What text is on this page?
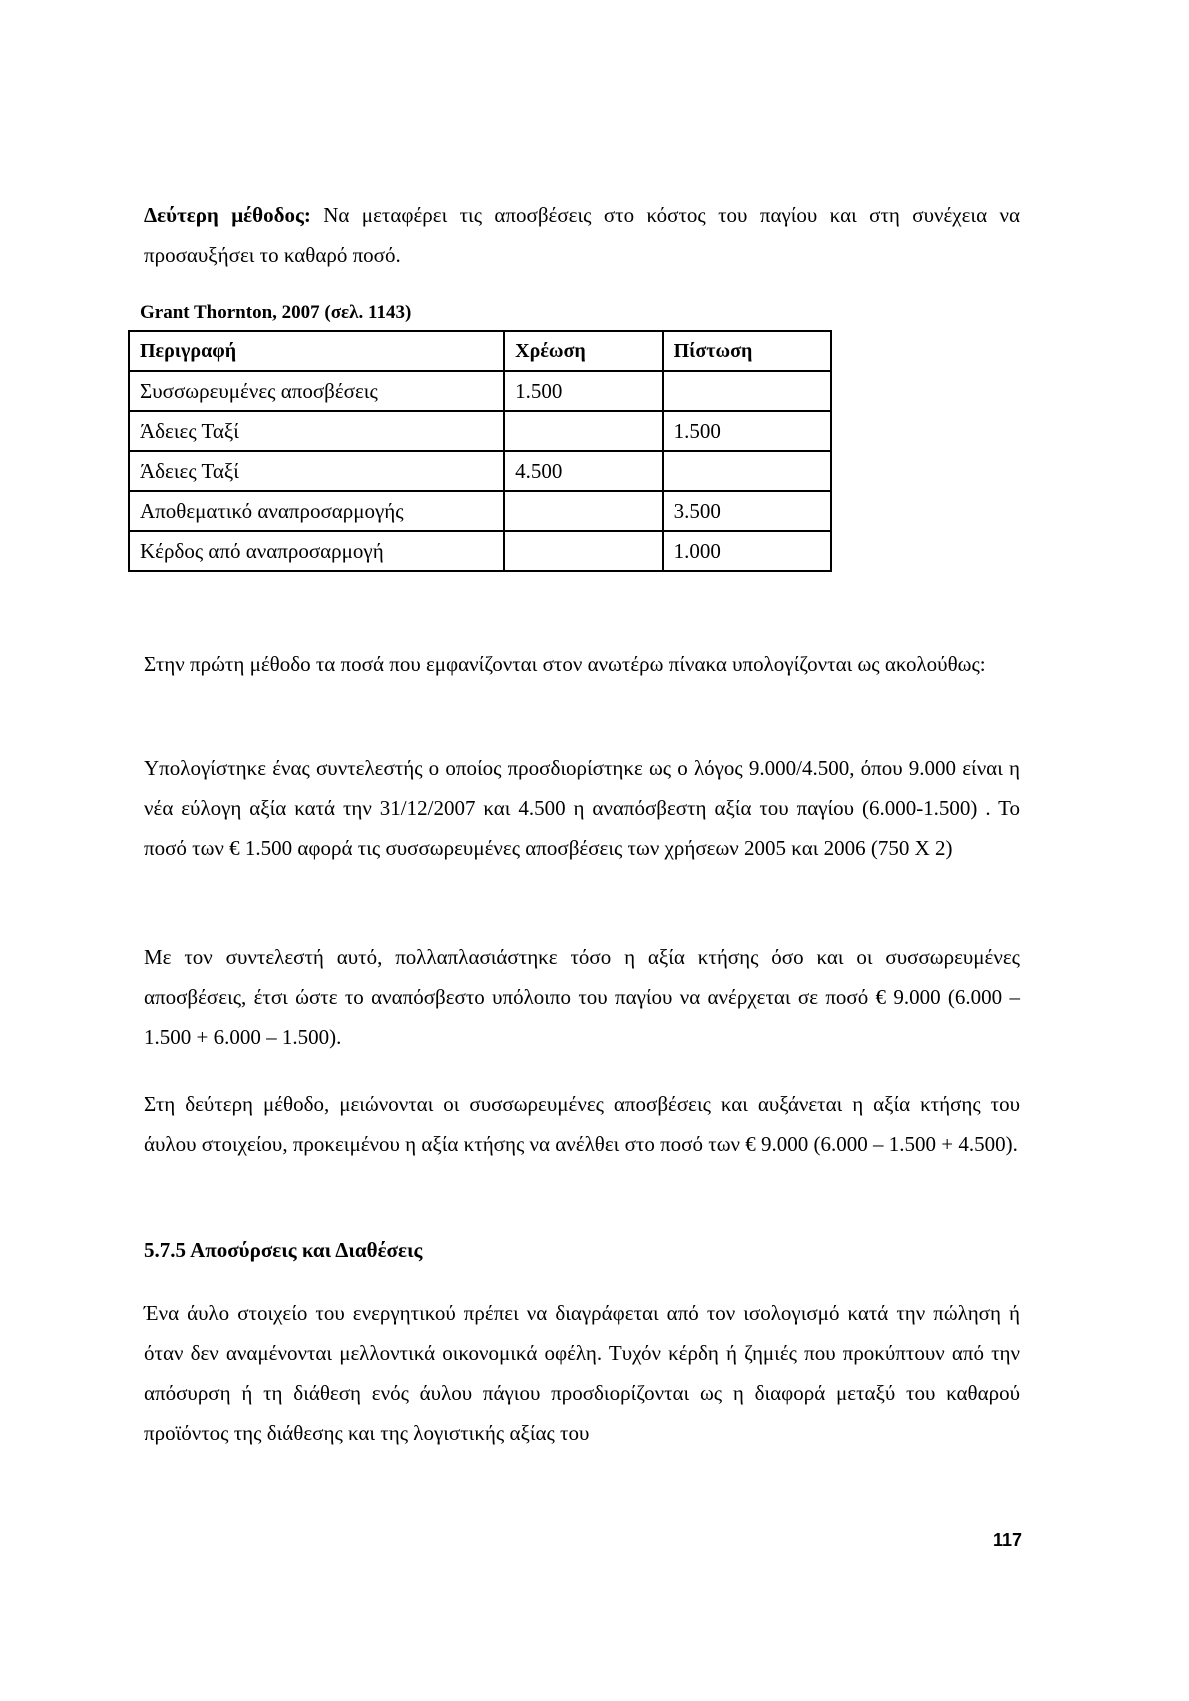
Δεύτερη μέθοδος: Να μεταφέρει τις αποσβέσεις στο κόστος του παγίου και στη συνέχεια να προσαυξήσει το καθαρό ποσό.

Grant Thornton, 2007 (σελ. 1143)
Περιγραφή	Χρέωση	Πίστωση
Συσσωρευμένες αποσβέσεις	1.500	
Άδειες Ταξί		1.500
Άδειες Ταξί	4.500	
Αποθεματικό αναπροσαρμογής		3.500
Κέρδος από αναπροσαρμογή		1.000

Στην πρώτη μέθοδο τα ποσά που εμφανίζονται στον ανωτέρω πίνακα υπολογίζονται ως ακολούθως:

Υπολογίστηκε ένας συντελεστής ο οποίος προσδιορίστηκε ως ο λόγος 9.000/4.500, όπου 9.000 είναι η νέα εύλογη αξία κατά την 31/12/2007 και 4.500 η αναπόσβεστη αξία του παγίου (6.000-1.500) . Το ποσό των € 1.500 αφορά τις συσσωρευμένες αποσβέσεις των χρήσεων 2005 και 2006 (750 X 2)

Με τον συντελεστή αυτό, πολλαπλασιάστηκε τόσο η αξία κτήσης όσο και οι συσσωρευμένες αποσβέσεις, έτσι ώστε το αναπόσβεστο υπόλοιπο του παγίου να ανέρχεται σε ποσό € 9.000 (6.000 – 1.500 + 6.000 – 1.500).

Στη δεύτερη μέθοδο, μειώνονται οι συσσωρευμένες αποσβέσεις και αυξάνεται η αξία κτήσης του άυλου στοιχείου, προκειμένου η αξία κτήσης να ανέλθει στο ποσό των € 9.000 (6.000 – 1.500 + 4.500).

5.7.5 Αποσύρσεις και Διαθέσεις

Ένα άυλο στοιχείο του ενεργητικού πρέπει να διαγράφεται από τον ισολογισμό κατά την πώληση ή όταν δεν αναμένονται μελλοντικά οικονομικά οφέλη. Τυχόν κέρδη ή ζημιές που προκύπτουν από την απόσυρση ή τη διάθεση ενός άυλου πάγιου προσδιορίζονται ως η διαφορά μεταξύ του καθαρού προϊόντος της διάθεσης και της λογιστικής αξίας του

117
